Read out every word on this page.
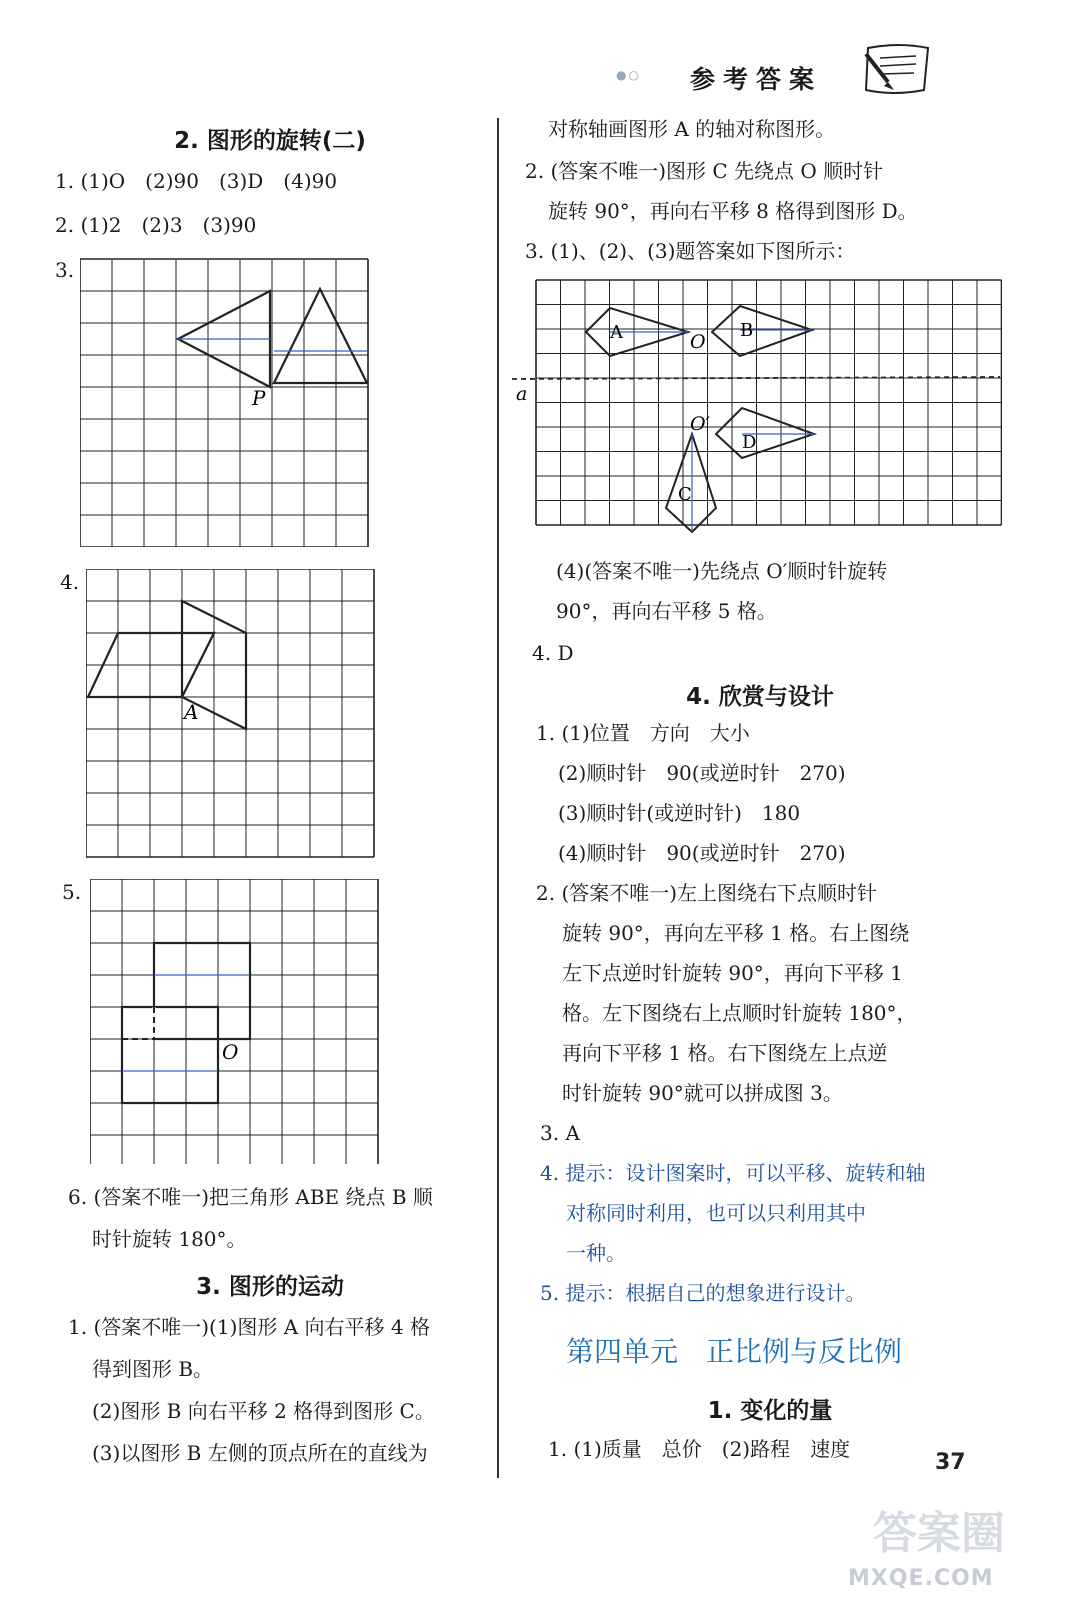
●○ 参考答案
2. 图形的旋转(二)
1. (1)O　(2)90　(3)D　(4)90
2. (1)2　(2)3　(3)90
3.
P
4.
A
5.
O
6. (答案不唯一)把三角形 ABE 绕点 B 顺
时针旋转 180°。
3. 图形的运动
1. (答案不唯一)(1)图形 A 向右平移 4 格
得到图形 B。
(2)图形 B 向右平移 2 格得到图形 C。
(3)以图形 B 左侧的顶点所在的直线为
对称轴画图形 A 的轴对称图形。
2. (答案不唯一)图形 C 先绕点 O 顺时针
旋转 90°，再向右平移 8 格得到图形 D。
3. (1)、(2)、(3)题答案如下图所示：
A	B
C
D
O
O′
a
(4)(答案不唯一)先绕点 O′顺时针旋转
90°，再向右平移 5 格。
4. D
4. 欣赏与设计
1. (1)位置　方向　大小
(2)顺时针　90(或逆时针　270)
(3)顺时针(或逆时针)　180
(4)顺时针　90(或逆时针　270)
2. (答案不唯一)左上图绕右下点顺时针
旋转 90°，再向左平移 1 格。右上图绕
左下点逆时针旋转 90°，再向下平移 1
格。左下图绕右上点顺时针旋转 180°，
再向下平移 1 格。右下图绕左上点逆
时针旋转 90°就可以拼成图 3。
3. A
4. 提示：设计图案时，可以平移、旋转和轴
对称同时利用，也可以只利用其中
一种。
5. 提示：根据自己的想象进行设计。
第四单元　正比例与反比例
1. 变化的量
1. (1)质量　总价　(2)路程　速度
37
答案圈
MXQE.COM
